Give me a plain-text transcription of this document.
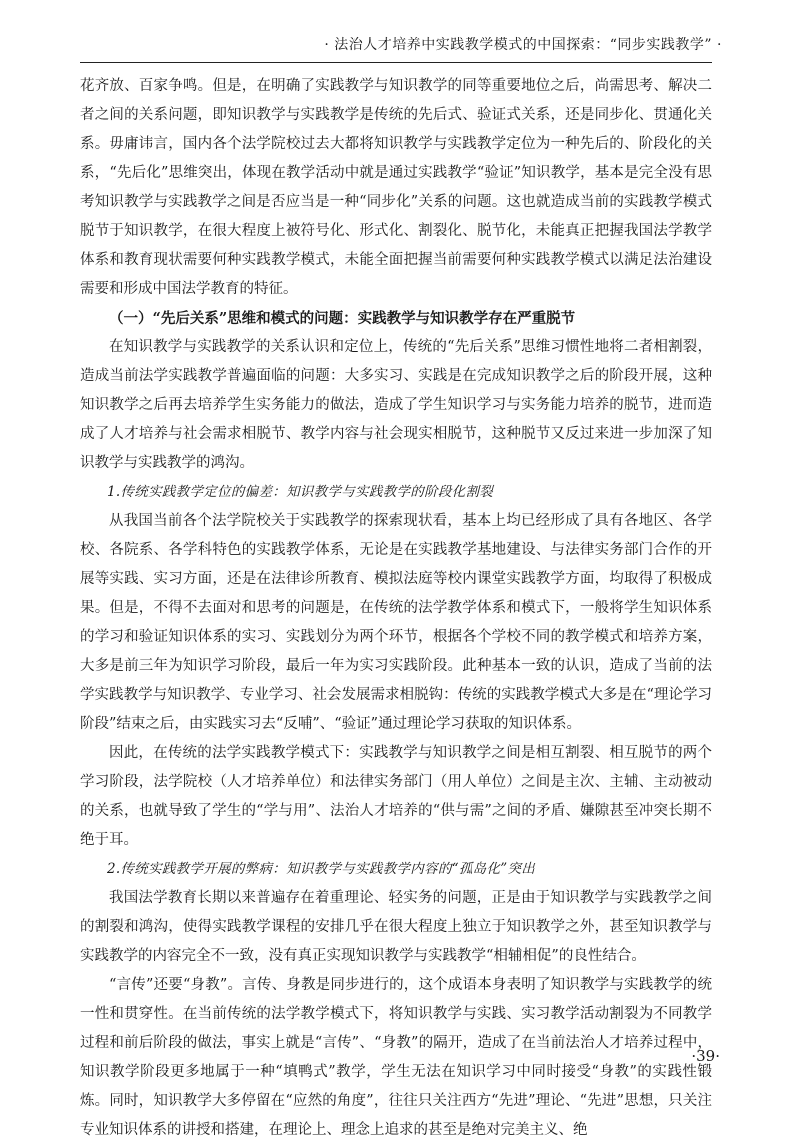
· 法治人才培养中实践教学模式的中国探索：“同步实践教学” ·

花齐放、百家争鸣。但是，在明确了实践教学与知识教学的同等重要地位之后，尚需思考、解决二者之间的关系问题，即知识教学与实践教学是传统的先后式、验证式关系，还是同步化、贯通化关系。毋庸讳言，国内各个法学院校过去大都将知识教学与实践教学定位为一种先后的、阶段化的关系，“先后化”思维突出，体现在教学活动中就是通过实践教学“验证”知识教学，基本是完全没有思考知识教学与实践教学之间是否应当是一种“同步化”关系的问题。这也就造成当前的实践教学模式脱节于知识教学，在很大程度上被符号化、形式化、割裂化、脱节化，未能真正把握我国法学教学体系和教育现状需要何种实践教学模式，未能全面把握当前需要何种实践教学模式以满足法治建设需要和形成中国法学教育的特征。

（一）“先后关系”思维和模式的问题：实践教学与知识教学存在严重脱节

在知识教学与实践教学的关系认识和定位上，传统的“先后关系”思维习惯性地将二者相割裂，造成当前法学实践教学普遍面临的问题：大多实习、实践是在完成知识教学之后的阶段开展，这种知识教学之后再去培养学生实务能力的做法，造成了学生知识学习与实务能力培养的脱节，进而造成了人才培养与社会需求相脱节、教学内容与社会现实相脱节，这种脱节又反过来进一步加深了知识教学与实践教学的鸿沟。

1.传统实践教学定位的偏差：知识教学与实践教学的阶段化割裂

从我国当前各个法学院校关于实践教学的探索现状看，基本上均已经形成了具有各地区、各学校、各院系、各学科特色的实践教学体系，无论是在实践教学基地建设、与法律实务部门合作的开展等实践、实习方面，还是在法律诊所教育、模拟法庭等校内课堂实践教学方面，均取得了积极成果。但是，不得不去面对和思考的问题是，在传统的法学教学体系和模式下，一般将学生知识体系的学习和验证知识体系的实习、实践划分为两个环节，根据各个学校不同的教学模式和培养方案，大多是前三年为知识学习阶段，最后一年为实习实践阶段。此种基本一致的认识，造成了当前的法学实践教学与知识教学、专业学习、社会发展需求相脱钩：传统的实践教学模式大多是在“理论学习阶段”结束之后，由实践实习去“反哺”、“验证”通过理论学习获取的知识体系。

因此，在传统的法学实践教学模式下：实践教学与知识教学之间是相互割裂、相互脱节的两个学习阶段，法学院校（人才培养单位）和法律实务部门（用人单位）之间是主次、主辅、主动被动的关系，也就导致了学生的“学与用”、法治人才培养的“供与需”之间的矛盾、嫌隙甚至冲突长期不绝于耳。

2.传统实践教学开展的弊病：知识教学与实践教学内容的“孤岛化”突出

我国法学教育长期以来普遍存在着重理论、轻实务的问题，正是由于知识教学与实践教学之间的割裂和鸿沟，使得实践教学课程的安排几乎在很大程度上独立于知识教学之外，甚至知识教学与实践教学的内容完全不一致，没有真正实现知识教学与实践教学“相辅相促”的良性结合。

“言传”还要“身教”。言传、身教是同步进行的，这个成语本身表明了知识教学与实践教学的统一性和贯穿性。在当前传统的法学教学模式下，将知识教学与实践、实习教学活动割裂为不同教学过程和前后阶段的做法，事实上就是“言传”、“身教”的隔开，造成了在当前法治人才培养过程中，知识教学阶段更多地属于一种“填鸭式”教学，学生无法在知识学习中同时接受“身教”的实践性锻炼。同时，知识教学大多停留在“应然的角度”，往往只关注西方“先进”理论、“先进”思想，只关注专业知识体系的讲授和搭建，在理论上、理念上追求的甚至是绝对完美主义、绝

·39·
